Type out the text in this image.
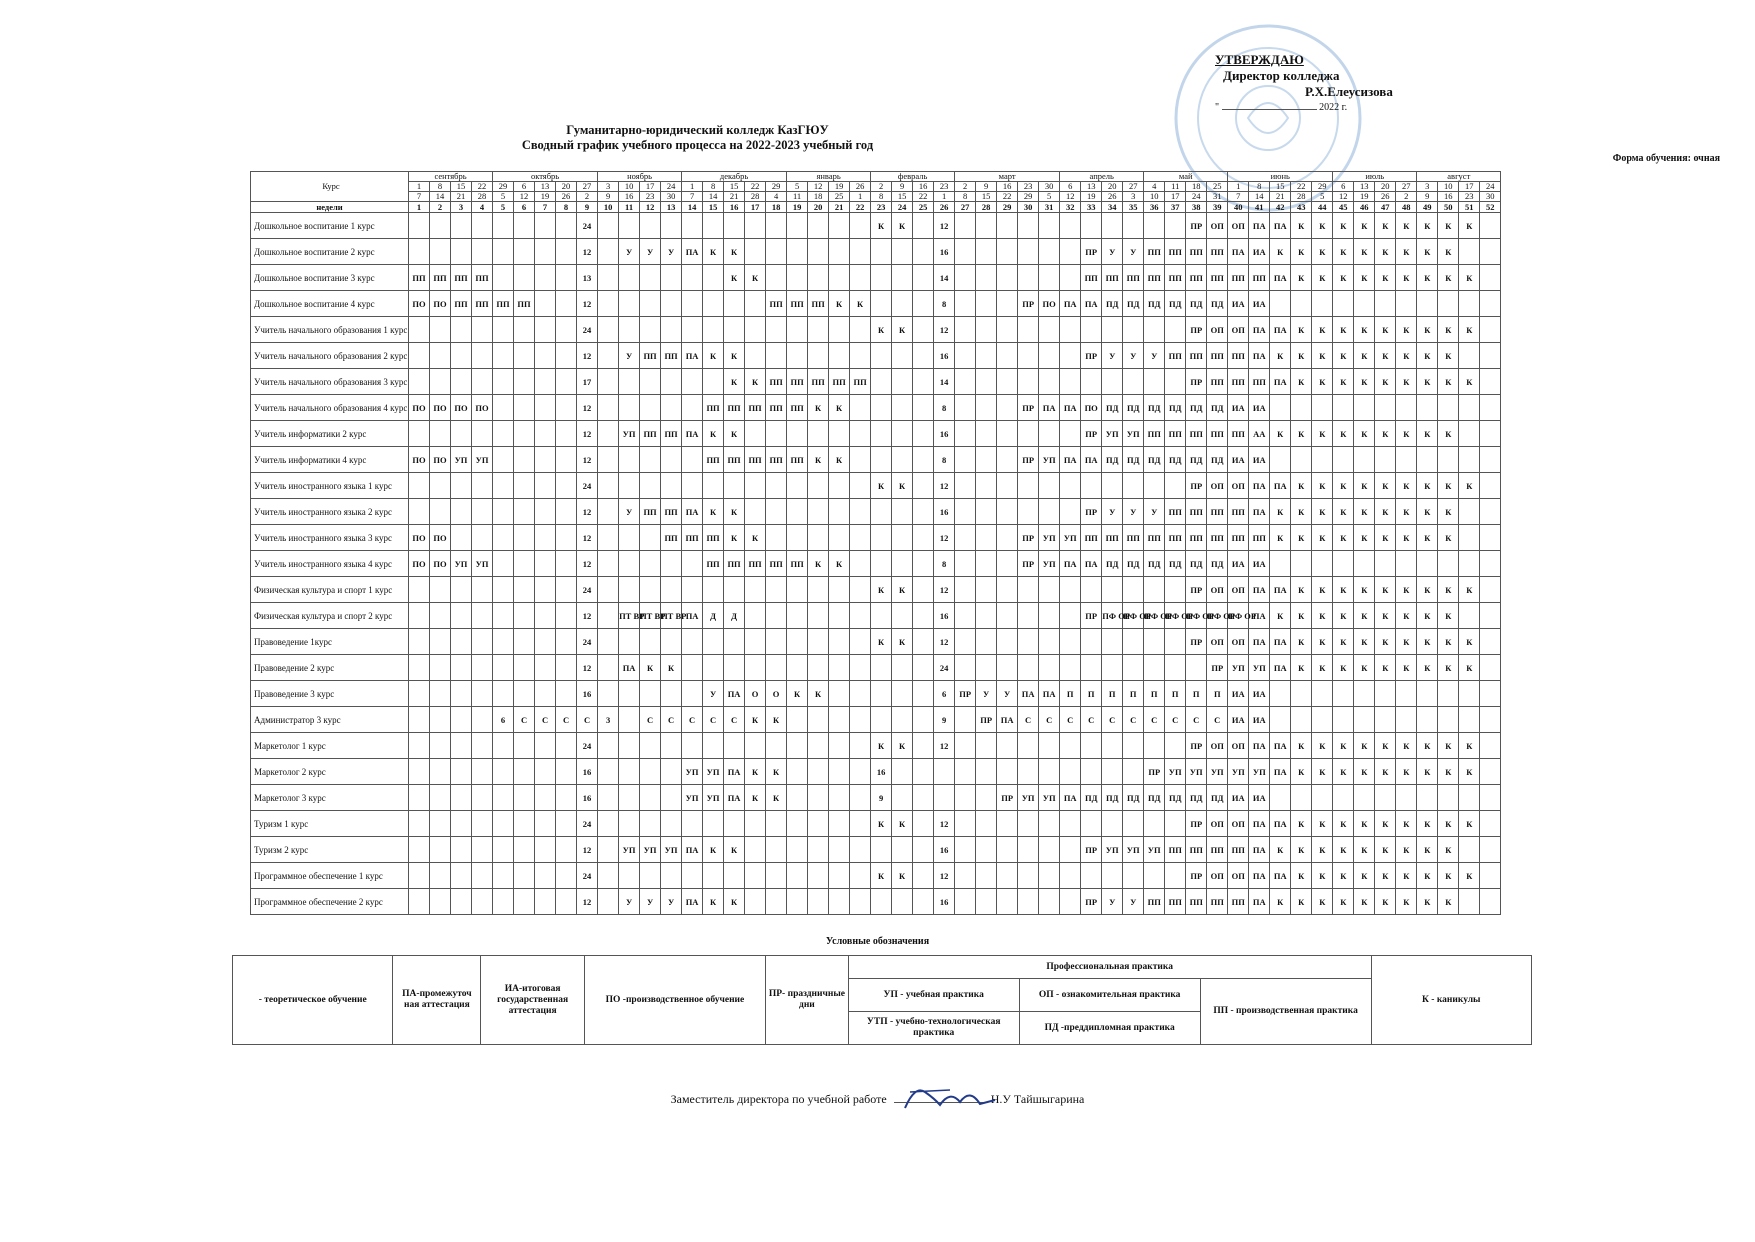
УТВЕРЖДАЮ
Директор колледжа
Р.Х.Елеусизова
"	2022 г.
Гуманитарно-юридический колледж КазГЮУ
Сводный график учебного процесса на 2022-2023 учебный год
Форма обучения: очная
Курс	сентябрь				октябрь					ноябрь				декабрь					январь				февраль				март					апрель				май				июнь					июль				август			
	1	8	15	22	29	6	13	20	27	3	10	17	24	1	8	15	22	29	5	12	19	26	2	9	16	23	2	9	16	23	30	6	13	20	27	4	11	18	25	1	8	15	22	29	6	13	20	27	3	10	17	24
	7	14	21	28	5	12	19	26	2	9	16	23	30	7	14	21	28	4	11	18	25	1	8	15	22	1	8	15	22	29	5	12	19	26	3	10	17	24	31	7	14	21	28	5	12	19	26	2	9	16	23	30
недели	1	2	3	4	5	6	7	8	9	10	11	12	13	14	15	16	17	18	19	20	21	22	23	24	25	26	27	28	29	30	31	32	33	34	35	36	37	38	39	40	41	42	43	44	45	46	47	48	49	50	51	52
Дошкольное воспитание 1 курс									24														К	К		12												ПР	ОП	ОП	ПА	ПА	К	К	К	К	К	К	К	К	К	
Дошкольное воспитание 2 курс									12		У	У	У	ПА	К	К										16							ПР	У	У	ПП	ПП	ПП	ПП	ПА	ИА	К	К	К	К	К	К	К	К	К		
Дошкольное воспитание 3 курс	ПП	ПП	ПП	ПП					13							К	К									14							ПП	ПП	ПП	ПП	ПП	ПП	ПП	ПП	ПП	ПА	К	К	К	К	К	К	К	К	К	
Дошкольное воспитание 4 курс	ПО	ПО	ПП	ПП	ПП	ПП			12									ПП	ПП	ПП	К	К				8				ПР	ПО	ПА	ПА	ПД	ПД	ПД	ПД	ПД	ПД	ИА	ИА											
Учитель начального образования 1 курс									24														К	К		12												ПР	ОП	ОП	ПА	ПА	К	К	К	К	К	К	К	К	К	
Учитель начального образования 2 курс									12		У	ПП	ПП	ПА	К	К										16							ПР	У	У	У	ПП	ПП	ПП	ПП	ПА	К	К	К	К	К	К	К	К	К		
Учитель начального образования 3 курс									17							К	К	ПП	ПП	ПП	ПП	ПП				14												ПР	ПП	ПП	ПП	ПА	К	К	К	К	К	К	К	К	К	
Учитель начального образования 4 курс	ПО	ПО	ПО	ПО					12						ПП	ПП	ПП	ПП	ПП	К	К					8				ПР	ПА	ПА	ПО	ПД	ПД	ПД	ПД	ПД	ПД	ИА	ИА											
Учитель информатики 2 курс									12		УП	ПП	ПП	ПА	К	К										16							ПР	УП	УП	ПП	ПП	ПП	ПП	ПП	АА	К	К	К	К	К	К	К	К	К		
Учитель информатики 4 курс	ПО	ПО	УП	УП					12						ПП	ПП	ПП	ПП	ПП	К	К					8				ПР	УП	ПА	ПА	ПД	ПД	ПД	ПД	ПД	ПД	ИА	ИА											
Учитель иностранного языка 1 курс									24														К	К		12												ПР	ОП	ОП	ПА	ПА	К	К	К	К	К	К	К	К	К	
Учитель иностранного языка 2 курс									12		У	ПП	ПП	ПА	К	К										16							ПР	У	У	У	ПП	ПП	ПП	ПП	ПА	К	К	К	К	К	К	К	К	К		
Учитель иностранного языка 3 курс	ПО	ПО							12				ПП	ПП	ПП	К	К									12				ПР	УП	УП	ПП	ПП	ПП	ПП	ПП	ПП	ПП	ПП	ПП	К	К	К	К	К	К	К	К	К		
Учитель иностранного языка 4 курс	ПО	ПО	УП	УП					12						ПП	ПП	ПП	ПП	ПП	К	К					8				ПР	УП	ПА	ПА	ПД	ПД	ПД	ПД	ПД	ПД	ИА	ИА											
Физическая культура и спорт 1 курс									24														К	К		12												ПР	ОП	ОП	ПА	ПА	К	К	К	К	К	К	К	К	К	
Физическая культура и спорт 2 курс									12		ПТ ВР	ПТ ВР	ПТ ВР	ПА	Д	Д										16							ПР	ПФ ОР	ПФ ОР	ПФ ОР	ПФ ОР	ПФ ОР	ПФ ОР	ПФ ОР	ПА	К	К	К	К	К	К	К	К	К		
Правоведение 1курс									24														К	К		12												ПР	ОП	ОП	ПА	ПА	К	К	К	К	К	К	К	К	К	
Правоведение 2 курс									12		ПА	К	К													24													ПР	УП	УП	ПА	К	К	К	К	К	К	К	К	К	
Правоведение 3 курс									16						У	ПА	О	О	К	К						6	ПР	У	У	ПА	ПА	П	П	П	П	П	П	П	П	ИА	ИА											
Администратор 3 курс					6	С	С	С	С	3		С	С	С	С	С	К	К								9		ПР	ПА	С	С	С	С	С	С	С	С	С	С	ИА	ИА											
Маркетолог 1 курс									24														К	К		12												ПР	ОП	ОП	ПА	ПА	К	К	К	К	К	К	К	К	К	
Маркетолог 2 курс									16					УП	УП	ПА	К	К					16													ПР	УП	УП	УП	УП	УП	ПА	К	К	К	К	К	К	К	К	К	
Маркетолог 3 курс									16					УП	УП	ПА	К	К					9						ПР	УП	УП	ПА	ПД	ПД	ПД	ПД	ПД	ПД	ПД	ИА	ИА											
Туризм 1 курс									24														К	К		12												ПР	ОП	ОП	ПА	ПА	К	К	К	К	К	К	К	К	К	
Туризм 2 курс									12		УП	УП	УП	ПА	К	К										16							ПР	УП	УП	УП	ПП	ПП	ПП	ПП	ПА	К	К	К	К	К	К	К	К	К		
Программное обеспечение 1 курс									24														К	К		12												ПР	ОП	ОП	ПА	ПА	К	К	К	К	К	К	К	К	К	
Программное обеспечение 2 курс									12		У	У	У	ПА	К	К										16							ПР	У	У	ПП	ПП	ПП	ПП	ПП	ПА	К	К	К	К	К	К	К	К	К		
Условные обозначения
- теоретическое обучение	ПА-промежуточ ная аттестация	ИА-итоговая государственная аттестация	ПО -производственное обучение	ПР- праздничные дни	Профессиональная практика			К - каникулы
					УП - учебная практика	ОП - ознакомительная практика	ПП - производственная практика	
					УТП - учебно-технологическая практика	ПД -преддипломная практика		
Заместитель директора по учебной работе	Н.У Тайшыгарина
